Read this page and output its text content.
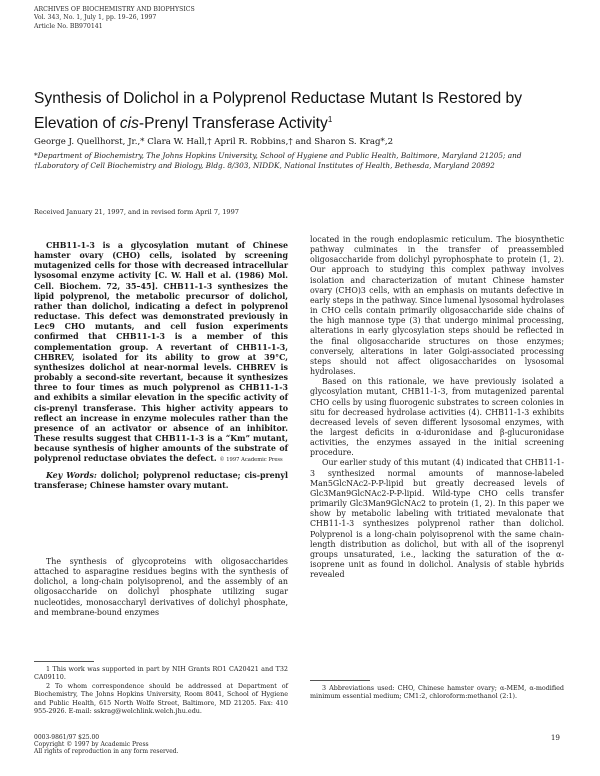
ARCHIVES OF BIOCHEMISTRY AND BIOPHYSICS
Vol. 343, No. 1, July 1, pp. 19–26, 1997
Article No. BB970141
Synthesis of Dolichol in a Polyprenol Reductase Mutant Is Restored by Elevation of cis-Prenyl Transferase Activity$^1$
George J. Quellhorst, Jr.,* Clara W. Hall,† April R. Robbins,† and Sharon S. Krag*,2
*Department of Biochemistry, The Johns Hopkins University, School of Hygiene and Public Health, Baltimore, Maryland 21205; and †Laboratory of Cell Biochemistry and Biology, Bldg. 8/303, NIDDK, National Institutes of Health, Bethesda, Maryland 20892
Received January 21, 1997, and in revised form April 7, 1997

CHB11-1-3 is a glycosylation mutant of Chinese hamster ovary (CHO) cells, isolated by screening mutagenized cells for those with decreased intracellular lysosomal enzyme activity [C. W. Hall et al. (1986) Mol. Cell. Biochem. 72, 35–45]. CHB11-1-3 synthesizes the lipid polyprenol, the metabolic precursor of dolichol, rather than dolichol, indicating a defect in polyprenol reductase. This defect was demonstrated previously in Lec9 CHO mutants, and cell fusion experiments confirmed that CHB11-1-3 is a member of this complementation group. A revertant of CHB11-1-3, CHBREV, isolated for its ability to grow at 39°C, synthesizes dolichol at near-normal levels. CHBREV is probably a second-site revertant, because it synthesizes three to four times as much polyprenol as CHB11-1-3 and exhibits a similar elevation in the specific activity of cis-prenyl transferase. This higher activity appears to reflect an increase in enzyme molecules rather than the presence of an activator or absence of an inhibitor. These results suggest that CHB11-1-3 is a “Km” mutant, because synthesis of higher amounts of the substrate of polyprenol reductase obviates the defect. © 1997 Academic Press

Key Words: dolichol; polyprenol reductase; cis-prenyl transferase; Chinese hamster ovary mutant.

The synthesis of glycoproteins with oligosaccharides attached to asparagine residues begins with the synthesis of dolichol, a long-chain polyisoprenol, and the assembly of an oligosaccharide on dolichyl phosphate utilizing sugar nucleotides, monosaccharyl derivatives of dolichyl phosphate, and membrane-bound enzymes

1 This work was supported in part by NIH Grants RO1 CA20421 and T32 CA09110.

2 To whom correspondence should be addressed at Department of Biochemistry, The Johns Hopkins University, Room 8041, School of Hygiene and Public Health, 615 North Wolfe Street, Baltimore, MD 21205. Fax: 410 955-2926. E-mail: sskrag@welchlink.welch.jhu.edu.

located in the rough endoplasmic reticulum. The biosynthetic pathway culminates in the transfer of preassembled oligosaccharide from dolichyl pyrophosphate to protein (1, 2). Our approach to studying this complex pathway involves isolation and characterization of mutant Chinese hamster ovary (CHO)3 cells, with an emphasis on mutants defective in early steps in the pathway. Since lumenal lysosomal hydrolases in CHO cells contain primarily oligosaccharide side chains of the high mannose type (3) that undergo minimal processing, alterations in early glycosylation steps should be reflected in the final oligosaccharide structures on those enzymes; conversely, alterations in later Golgi-associated processing steps should not affect oligosaccharides on lysosomal hydrolases.

Based on this rationale, we have previously isolated a glycosylation mutant, CHB11-1-3, from mutagenized parental CHO cells by using fluorogenic substrates to screen colonies in situ for decreased hydrolase activities (4). CHB11-1-3 exhibits decreased levels of seven different lysosomal enzymes, with the largest deficits in α-iduronidase and β-glucuronidase activities, the enzymes assayed in the initial screening procedure.

Our earlier study of this mutant (4) indicated that CHB11-1-3 synthesized normal amounts of mannose-labeled Man5GlcNAc2-P-P-lipid but greatly decreased levels of Glc3Man9GlcNAc2-P-P-lipid. Wild-type CHO cells transfer primarily Glc3Man9GlcNAc2 to protein (1, 2). In this paper we show by metabolic labeling with tritiated mevalonate that CHB11-1-3 synthesizes polyprenol rather than dolichol. Polyprenol is a long-chain polyisoprenol with the same chain-length distribution as dolichol, but with all of the isoprenyl groups unsaturated, i.e., lacking the saturation of the α-isoprene unit as found in dolichol. Analysis of stable hybrids revealed

3 Abbreviations used: CHO, Chinese hamster ovary; α-MEM, α-modified minimum essential medium; CM1:2, chloroform:methanol (2:1).

0003-9861/97 $25.00
Copyright © 1997 by Academic Press
All rights of reproduction in any form reserved.
19
